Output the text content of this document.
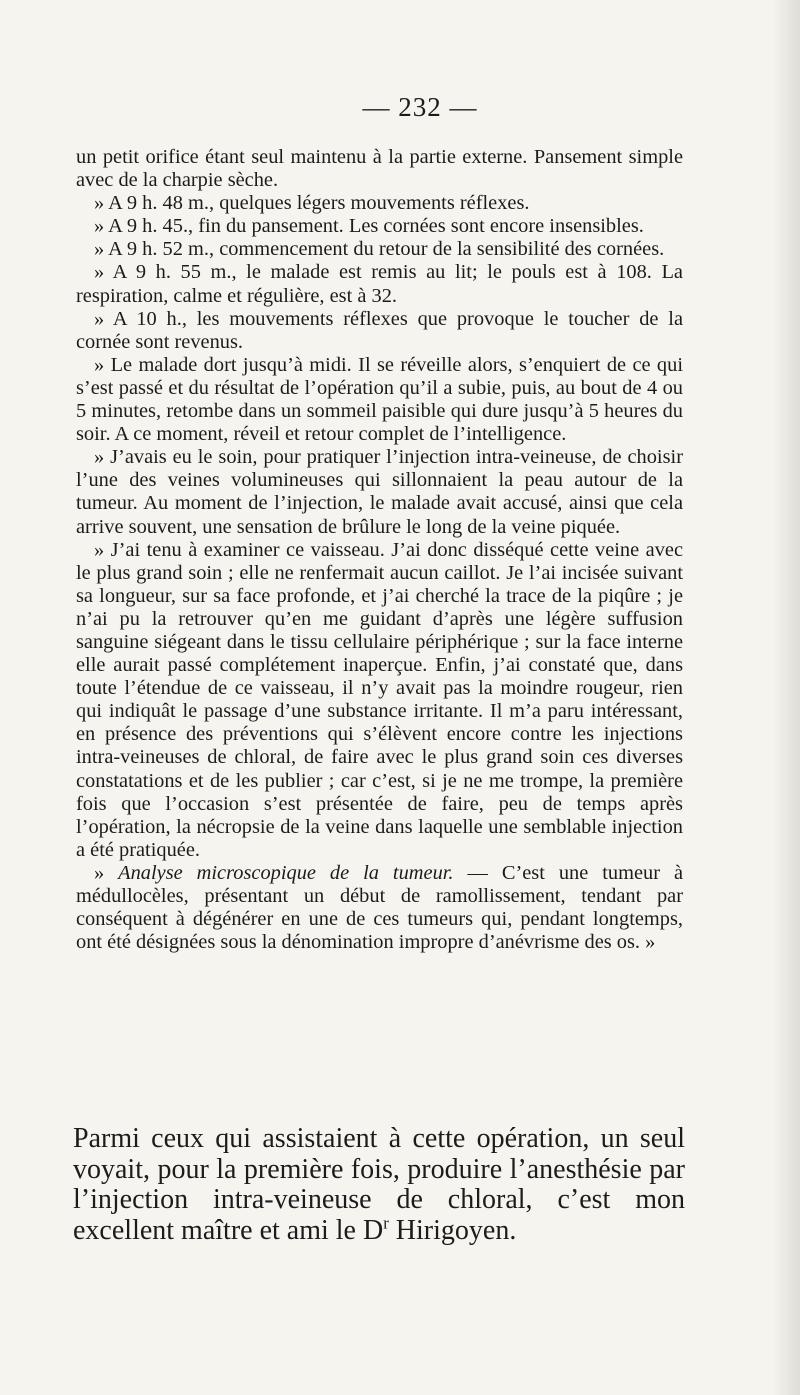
— 232 —

un petit orifice étant seul maintenu à la partie externe. Pansement simple avec de la charpie sèche.

» A 9 h. 48 m., quelques légers mouvements réflexes.

» A 9 h. 45., fin du pansement. Les cornées sont encore insensibles.

» A 9 h. 52 m., commencement du retour de la sensibilité des cornées.

» A 9 h. 55 m., le malade est remis au lit; le pouls est à 108. La respiration, calme et régulière, est à 32.

» A 10 h., les mouvements réflexes que provoque le toucher de la cornée sont revenus.

» Le malade dort jusqu’à midi. Il se réveille alors, s’enquiert de ce qui s’est passé et du résultat de l’opération qu’il a subie, puis, au bout de 4 ou 5 minutes, retombe dans un sommeil paisible qui dure jusqu’à 5 heures du soir. A ce moment, réveil et retour complet de l’intelligence.

» J’avais eu le soin, pour pratiquer l’injection intra-veineuse, de choisir l’une des veines volumineuses qui sillonnaient la peau autour de la tumeur. Au moment de l’injection, le malade avait accusé, ainsi que cela arrive souvent, une sensation de brûlure le long de la veine piquée.

» J’ai tenu à examiner ce vaisseau. J’ai donc disséqué cette veine avec le plus grand soin ; elle ne renfermait aucun caillot. Je l’ai incisée suivant sa longueur, sur sa face profonde, et j’ai cherché la trace de la piqûre ; je n’ai pu la retrouver qu’en me guidant d’après une légère suffusion sanguine siégeant dans le tissu cellulaire périphérique ; sur la face interne elle aurait passé complétement inaperçue. Enfin, j’ai constaté que, dans toute l’étendue de ce vaisseau, il n’y avait pas la moindre rougeur, rien qui indiquât le passage d’une substance irritante. Il m’a paru intéressant, en présence des préventions qui s’élèvent encore contre les injections intra-veineuses de chloral, de faire avec le plus grand soin ces diverses constatations et de les publier ; car c’est, si je ne me trompe, la première fois que l’occasion s’est présentée de faire, peu de temps après l’opération, la nécropsie de la veine dans laquelle une semblable injection a été pratiquée.

» Analyse microscopique de la tumeur. — C’est une tumeur à médullocèles, présentant un début de ramollissement, tendant par conséquent à dégénérer en une de ces tumeurs qui, pendant longtemps, ont été désignées sous la dénomination impropre d’anévrisme des os. »

Parmi ceux qui assistaient à cette opération, un seul voyait, pour la première fois, produire l’anesthésie par l’injection intra-veineuse de chloral, c’est mon excellent maître et ami le $D^r$ Hirigoyen.
